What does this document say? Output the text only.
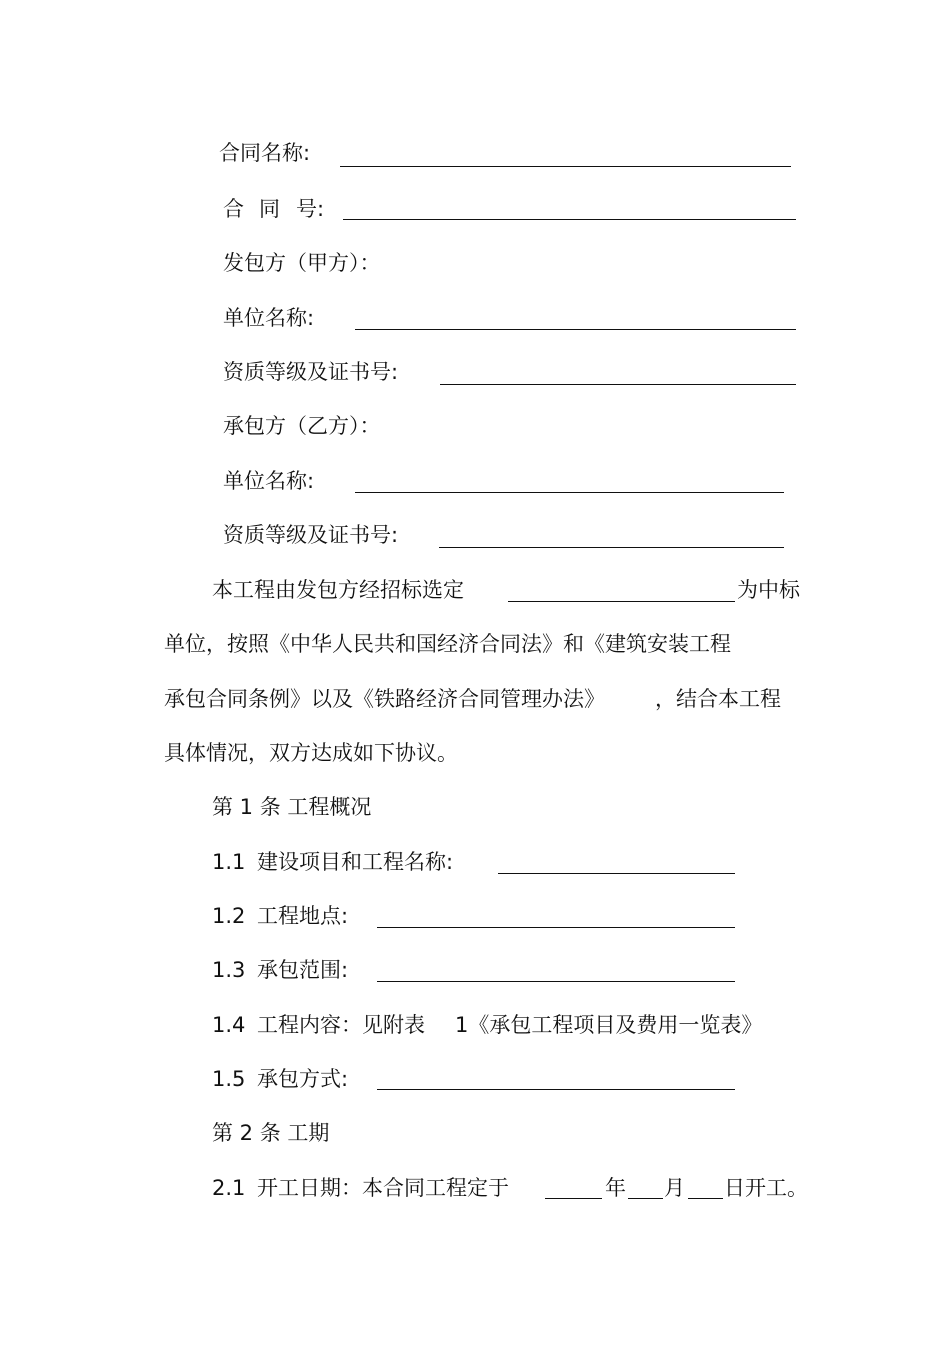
合同名称:
合 同 号:
发包方（甲方）：
单位名称:
资质等级及证书号:
承包方（乙方）：
单位名称:
资质等级及证书号:
本工程由发包方经招标选定	为中标
单位，按照《中华人民共和国经济合同法》和《建筑安装工程
承包合同条例》以及《铁路经济合同管理办法》 ，结合本工程
具体情况，双方达成如下协议。
第 1 条 工程概况
1.1 建设项目和工程名称:
1.2 工程地点:
1.3 承包范围:
1.4 工程内容：见附表 1《承包工程项目及费用一览表》
1.5 承包方式:
第 2 条 工期
2.1 开工日期：本合同工程定于	年 月 日开工。
